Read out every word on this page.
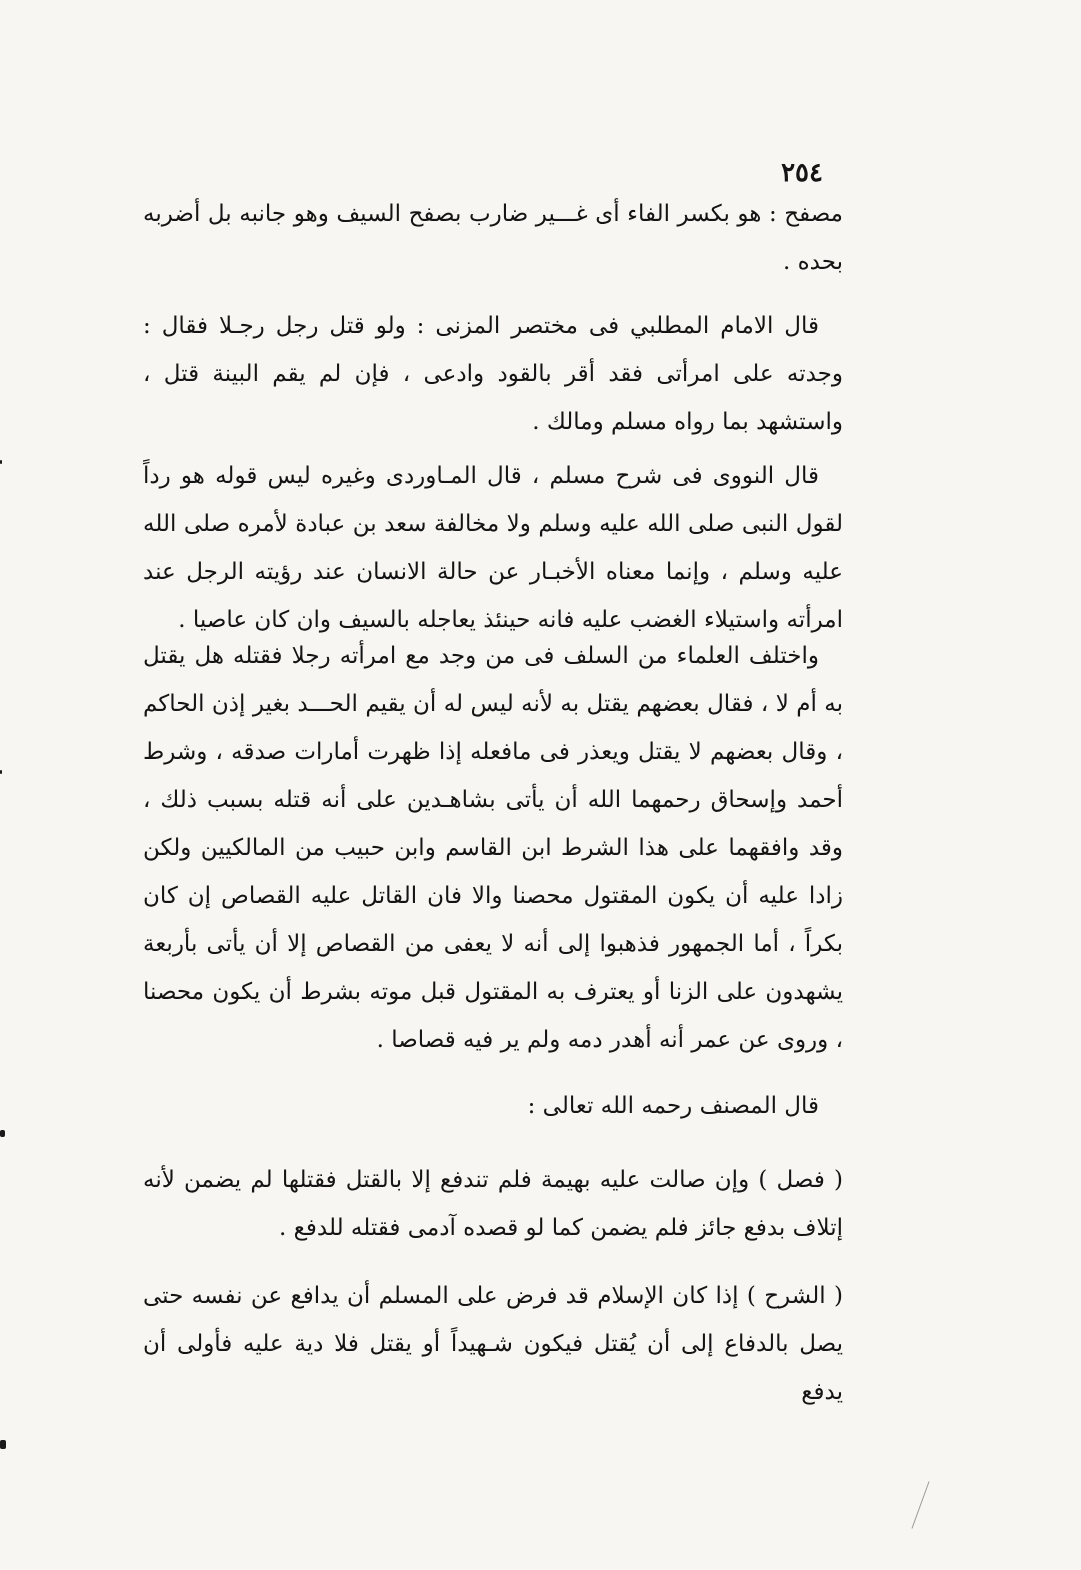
٢٥٤

مصفح : هو بكسر الفاء أى غـــير ضارب بصفح السيف وهو جانبه بل أضربه بحده .

قال الامام المطلبي فى مختصر المزنى : ولو قتل رجل رجـلا فقال : وجدته على امرأتى فقد أقر بالقود وادعى ، فإن لم يقم البينة قتل ، واستشهد بما رواه مسلم ومالك .

قال النووى فى شرح مسلم ، قال المـاوردى وغيره ليس قوله هو رداً لقول النبى صلى الله عليه وسلم ولا مخالفة سعد بن عبادة لأمره صلى الله عليه وسلم ، وإنما معناه الأخبـار عن حالة الانسان عند رؤيته الرجل عند امرأته واستيلاء الغضب عليه فانه حينئذ يعاجله بالسيف وان كان عاصيا .

واختلف العلماء من السلف فى من وجد مع امرأته رجلا فقتله هل يقتل به أم لا ، فقال بعضهم يقتل به لأنه ليس له أن يقيم الحـــد بغير إذن الحاكم ، وقال بعضهم لا يقتل ويعذر فى مافعله إذا ظهرت أمارات صدقه ، وشرط أحمد وإسحاق رحمهما الله أن يأتى بشاهـدين على أنه قتله بسبب ذلك ، وقد وافقهما على هذا الشرط ابن القاسم وابن حبيب من المالكيين ولكن زادا عليه أن يكون المقتول محصنا والا فان القاتل عليه القصاص إن كان بكراً ، أما الجمهور فذهبوا إلى أنه لا يعفى من القصاص إلا أن يأتى بأربعة يشهدون على الزنا أو يعترف به المقتول قبل موته بشرط أن يكون محصنا ، وروى عن عمر أنه أهدر دمه ولم ير فيه قصاصا .

قال المصنف رحمه الله تعالى :

( فصل ) وإن صالت عليه بهيمة فلم تندفع إلا بالقتل فقتلها لم يضمن لأنه إتلاف بدفع جائز فلم يضمن كما لو قصده آدمى فقتله للدفع .

( الشرح ) إذا كان الإسلام قد فرض على المسلم أن يدافع عن نفسه حتى يصل بالدفاع إلى أن يُقتل فيكون شـهيداً أو يقتل فلا دية عليه فأولى أن يدفع
